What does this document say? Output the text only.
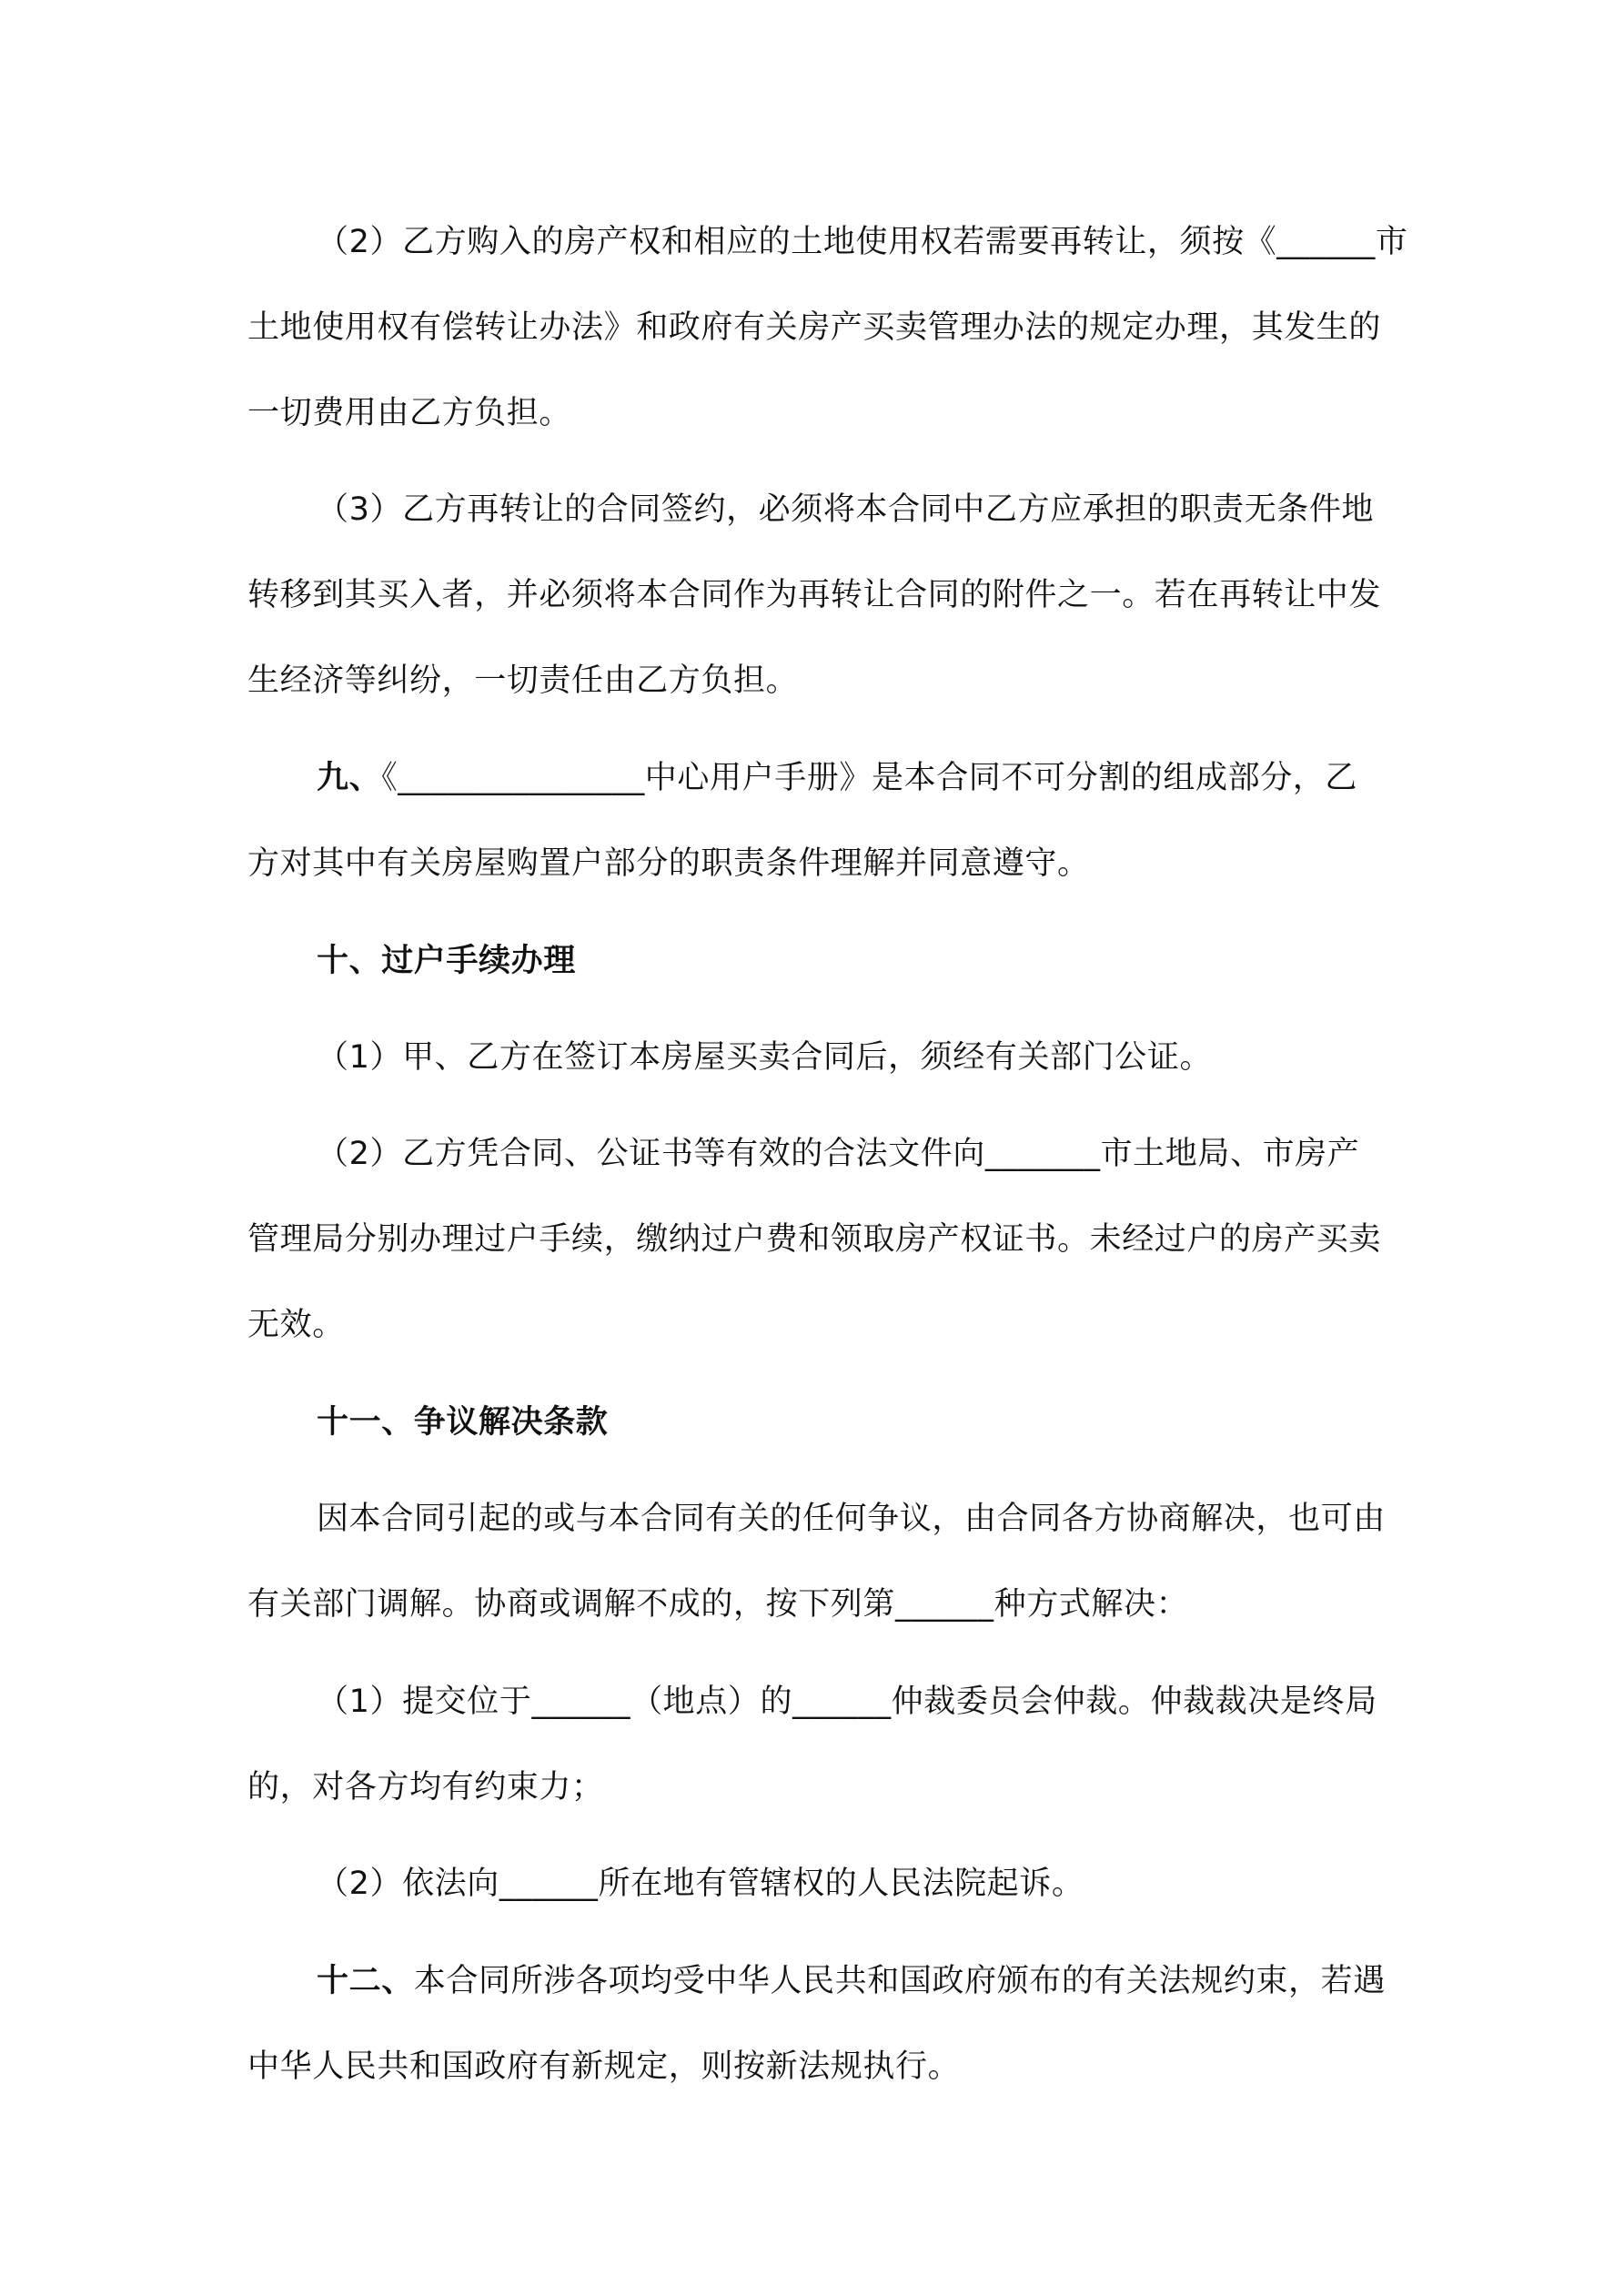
（2）乙方购入的房产权和相应的土地使用权若需要再转让，须按《______市
土地使用权有偿转让办法》和政府有关房产买卖管理办法的规定办理，其发生的
一切费用由乙方负担。
（3）乙方再转让的合同签约，必须将本合同中乙方应承担的职责无条件地
转移到其买入者，并必须将本合同作为再转让合同的附件之一。若在再转让中发
生经济等纠纷，一切责任由乙方负担。
九、《_______________中心用户手册》是本合同不可分割的组成部分，乙
方对其中有关房屋购置户部分的职责条件理解并同意遵守。
十、过户手续办理
（1）甲、乙方在签订本房屋买卖合同后，须经有关部门公证。
（2）乙方凭合同、公证书等有效的合法文件向_______市土地局、市房产
管理局分别办理过户手续，缴纳过户费和领取房产权证书。未经过户的房产买卖
无效。
十一、争议解决条款
因本合同引起的或与本合同有关的任何争议，由合同各方协商解决，也可由
有关部门调解。协商或调解不成的，按下列第______种方式解决：
（1）提交位于______（地点）的______仲裁委员会仲裁。仲裁裁决是终局
的，对各方均有约束力；
（2）依法向______所在地有管辖权的人民法院起诉。
十二、本合同所涉各项均受中华人民共和国政府颁布的有关法规约束，若遇
中华人民共和国政府有新规定，则按新法规执行。
